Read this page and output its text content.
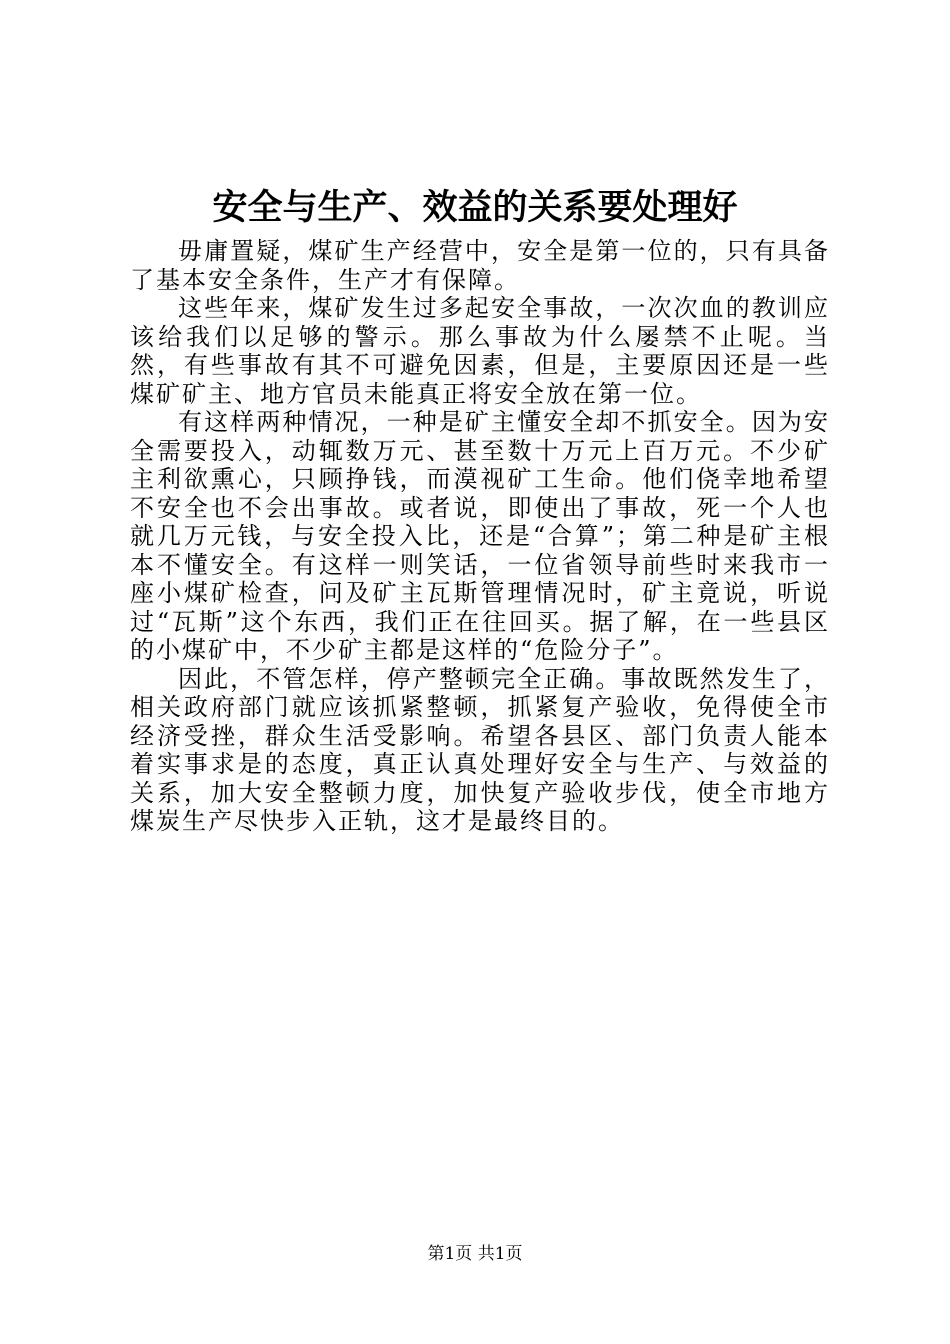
安全与生产、效益的关系要处理好

毋庸置疑，煤矿生产经营中，安全是第一位的，只有具备了基本安全条件，生产才有保障。

这些年来，煤矿发生过多起安全事故，一次次血的教训应该给我们以足够的警示。那么事故为什么屡禁不止呢。当然，有些事故有其不可避免因素，但是，主要原因还是一些煤矿矿主、地方官员未能真正将安全放在第一位。

有这样两种情况，一种是矿主懂安全却不抓安全。因为安全需要投入，动辄数万元、甚至数十万元上百万元。不少矿主利欲熏心，只顾挣钱，而漠视矿工生命。他们侥幸地希望不安全也不会出事故。或者说，即使出了事故，死一个人也就几万元钱，与安全投入比，还是“合算”；第二种是矿主根本不懂安全。有这样一则笑话，一位省领导前些时来我市一座小煤矿检查，问及矿主瓦斯管理情况时，矿主竟说，听说过“瓦斯”这个东西，我们正在往回买。据了解，在一些县区的小煤矿中，不少矿主都是这样的“危险分子”。

因此，不管怎样，停产整顿完全正确。事故既然发生了，相关政府部门就应该抓紧整顿，抓紧复产验收，免得使全市经济受挫，群众生活受影响。希望各县区、部门负责人能本着实事求是的态度，真正认真处理好安全与生产、与效益的关系，加大安全整顿力度，加快复产验收步伐，使全市地方煤炭生产尽快步入正轨，这才是最终目的。

第1页 共1页
